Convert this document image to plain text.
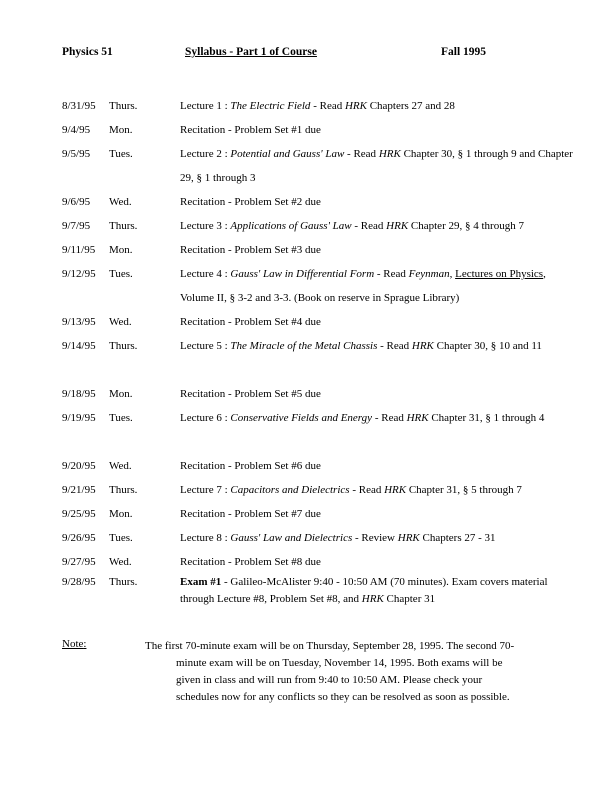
Physics 51	Syllabus - Part 1 of Course	Fall 1995
8/31/95 Thurs.	Lecture 1 : The Electric Field - Read HRK Chapters 27 and 28
9/4/95 Mon.	Recitation - Problem Set #1 due
9/5/95 Tues.	Lecture 2 : Potential and Gauss' Law - Read HRK Chapter 30, § 1 through 9 and Chapter 29, § 1 through 3
9/6/95 Wed.	Recitation - Problem Set #2 due
9/7/95 Thurs.	Lecture 3 : Applications of Gauss' Law - Read HRK Chapter 29, § 4 through 7
9/11/95 Mon.	Recitation - Problem Set #3 due
9/12/95 Tues.	Lecture 4 : Gauss' Law in Differential Form - Read Feynman, Lectures on Physics, Volume II, § 3-2 and 3-3. (Book on reserve in Sprague Library)
9/13/95 Wed.	Recitation - Problem Set #4 due
9/14/95 Thurs.	Lecture 5 : The Miracle of the Metal Chassis - Read HRK Chapter 30, § 10 and 11
9/18/95 Mon.	Recitation - Problem Set #5 due
9/19/95 Tues.	Lecture 6 : Conservative Fields and Energy - Read HRK Chapter 31, § 1 through 4
9/20/95 Wed.	Recitation - Problem Set #6 due
9/21/95 Thurs.	Lecture 7 : Capacitors and Dielectrics - Read HRK Chapter 31, § 5 through 7
9/25/95 Mon.	Recitation - Problem Set #7 due
9/26/95 Tues.	Lecture 8 : Gauss' Law and Dielectrics - Review HRK Chapters 27 - 31
9/27/95 Wed.	Recitation - Problem Set #8 due
9/28/95 Thurs.	Exam #1 - Galileo-McAlister 9:40 - 10:50 AM (70 minutes). Exam covers material through Lecture #8, Problem Set #8, and HRK Chapter 31
Note:	The first 70-minute exam will be on Thursday, September 28, 1995. The second 70-
minute exam will be on Tuesday, November 14, 1995. Both exams will be
given in class and will run from 9:40 to 10:50 AM. Please check your
schedules now for any conflicts so they can be resolved as soon as possible.
